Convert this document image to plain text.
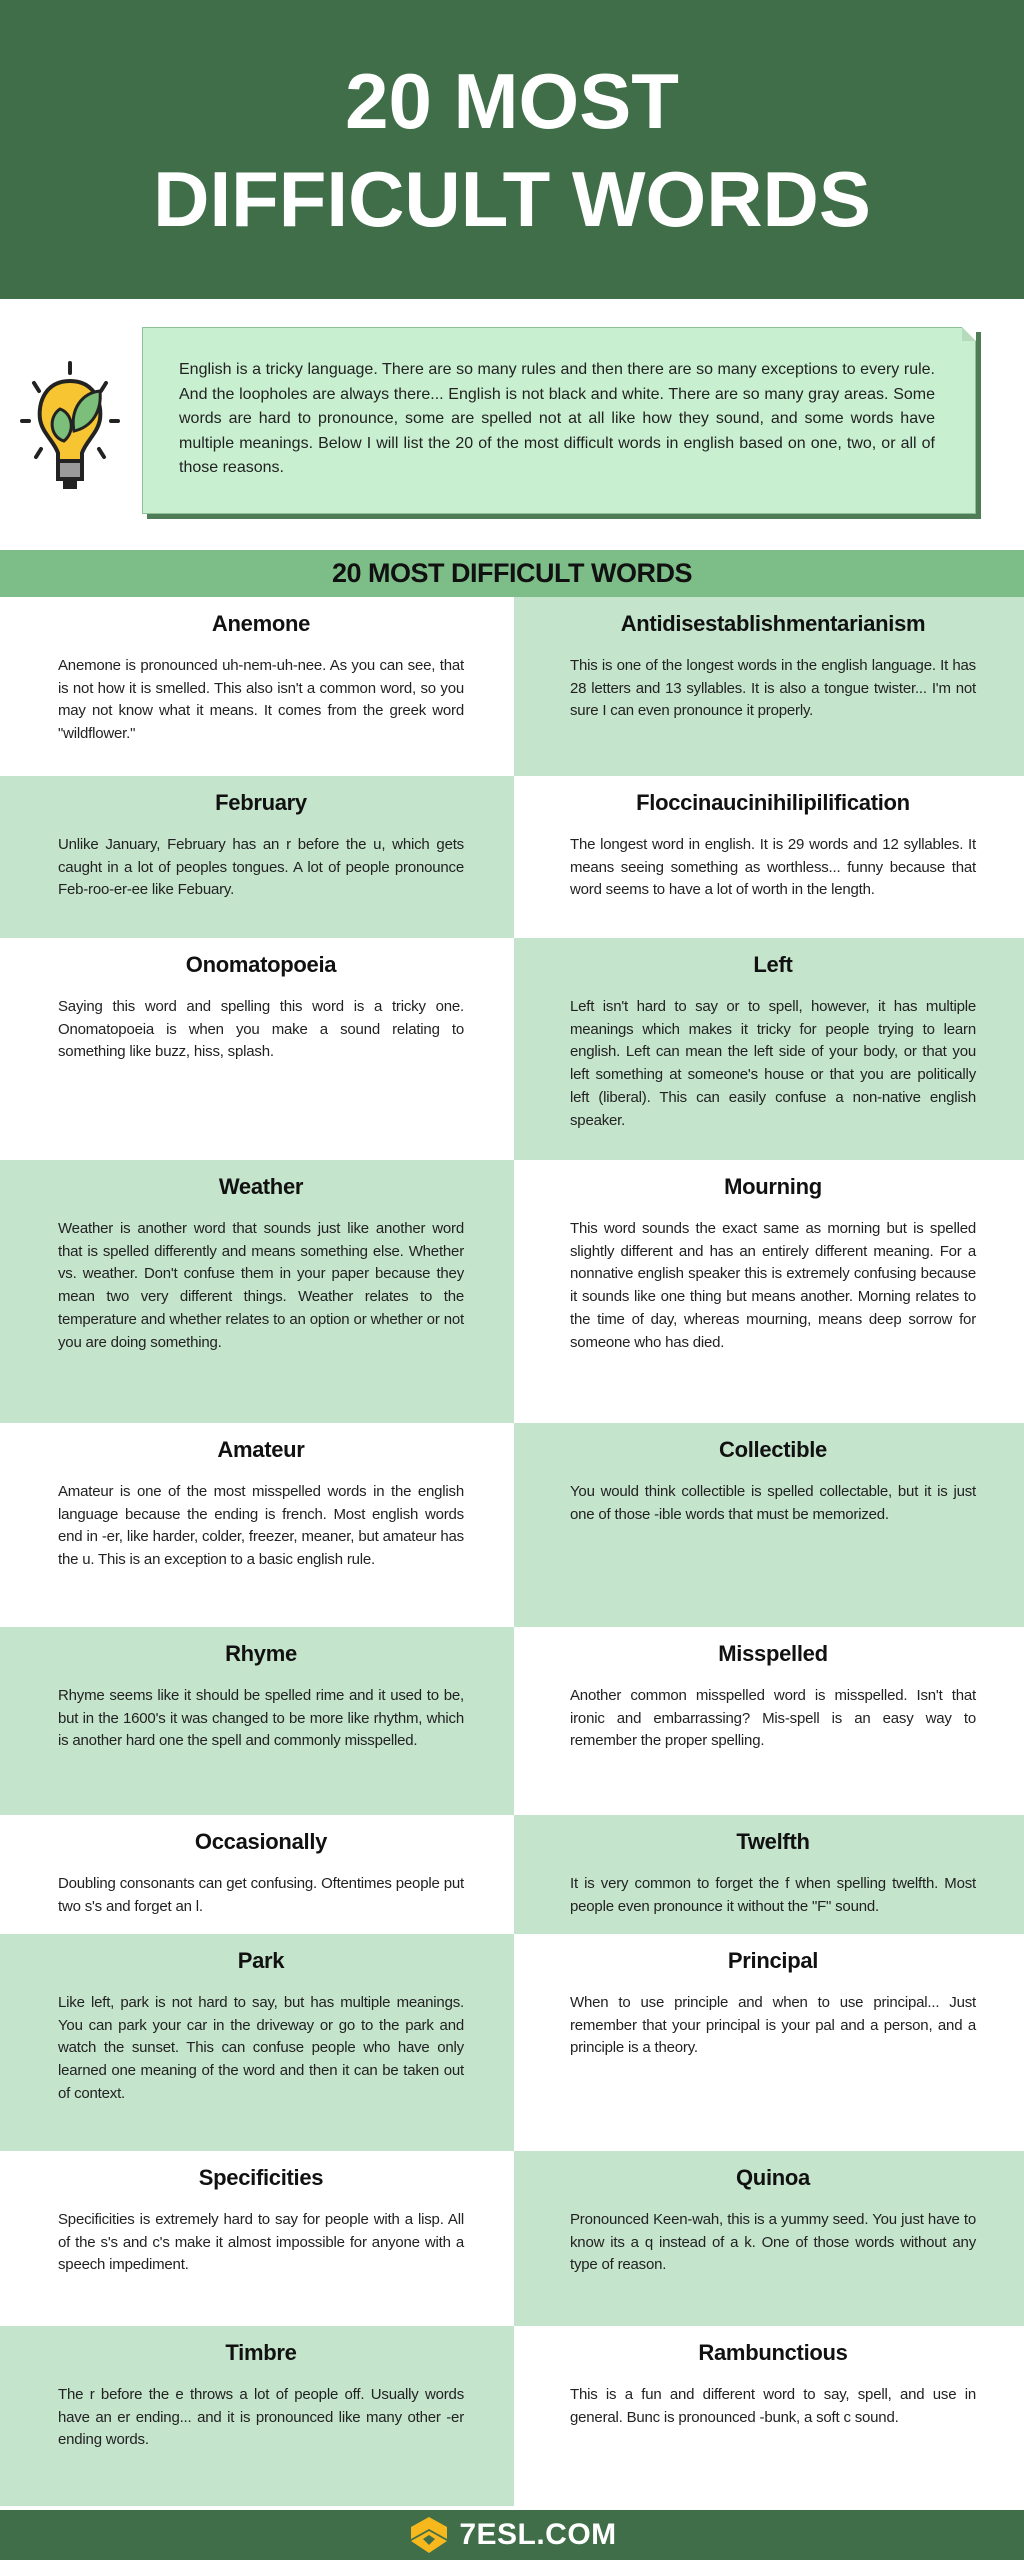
20 MOST
DIFFICULT WORDS

English is a tricky language. There are so many rules and then there are so many exceptions to every rule. And the loopholes are always there... English is not black and white. There are so many gray areas. Some words are hard to pronounce, some are spelled not at all like how they sound, and some words have multiple meanings. Below I will list the 20 of the most difficult words in english based on one, two, or all of those reasons.

20 MOST DIFFICULT WORDS
Anemone

Anemone is pronounced uh-nem-uh-nee. As you can see, that is not how it is smelled. This also isn't a common word, so you may not know what it means. It comes from the greek word "wildflower."

Antidisestablishmentarianism

This is one of the longest words in the english language. It has 28 letters and 13 syllables. It is also a tongue twister... I'm not sure I can even pronounce it properly.

February

Unlike January, February has an r before the u, which gets caught in a lot of peoples tongues. A lot of people pronounce Feb-roo-er-ee like Febuary.

Floccinaucinihilipilification

The longest word in english. It is 29 words and 12 syllables. It means seeing something as worthless... funny because that word seems to have a lot of worth in the length.

Onomatopoeia

Saying this word and spelling this word is a tricky one. Onomatopoeia is when you make a sound relating to something like buzz, hiss, splash.

Left

Left isn't hard to say or to spell, however, it has multiple meanings which makes it tricky for people trying to learn english. Left can mean the left side of your body, or that you left something at someone's house or that you are politically left (liberal). This can easily confuse a non-native english speaker.

Weather

Weather is another word that sounds just like another word that is spelled differently and means something else. Whether vs. weather. Don't confuse them in your paper because they mean two very different things. Weather relates to the temperature and whether relates to an option or whether or not you are doing something.

Mourning

This word sounds the exact same as morning but is spelled slightly different and has an entirely different meaning. For a nonnative english speaker this is extremely confusing because it sounds like one thing but means another. Morning relates to the time of day, whereas mourning, means deep sorrow for someone who has died.

Amateur

Amateur is one of the most misspelled words in the english language because the ending is french. Most english words end in -er, like harder, colder, freezer, meaner, but amateur has the u. This is an exception to a basic english rule.

Collectible

You would think collectible is spelled collectable, but it is just one of those -ible words that must be memorized.

Rhyme

Rhyme seems like it should be spelled rime and it used to be, but in the 1600's it was changed to be more like rhythm, which is another hard one the spell and commonly misspelled.

Misspelled

Another common misspelled word is misspelled. Isn't that ironic and embarrassing? Mis-spell is an easy way to remember the proper spelling.

Occasionally

Doubling consonants can get confusing. Oftentimes people put two s's and forget an l.

Twelfth

It is very common to forget the f when spelling twelfth. Most people even pronounce it without the "F" sound.

Park

Like left, park is not hard to say, but has multiple meanings. You can park your car in the driveway or go to the park and watch the sunset. This can confuse people who have only learned one meaning of the word and then it can be taken out of context.

Principal

When to use principle and when to use principal... Just remember that your principal is your pal and a person, and a principle is a theory.

Specificities

Specificities is extremely hard to say for people with a lisp. All of the s's and c's make it almost impossible for anyone with a speech impediment.

Quinoa

Pronounced Keen-wah, this is a yummy seed. You just have to know its a q instead of a k. One of those words without any type of reason.

Timbre

The r before the e throws a lot of people off. Usually words have an er ending... and it is pronounced like many other -er ending words.

Rambunctious

This is a fun and different word to say, spell, and use in general. Bunc is pronounced -bunk, a soft c sound.

7ESL.COM
